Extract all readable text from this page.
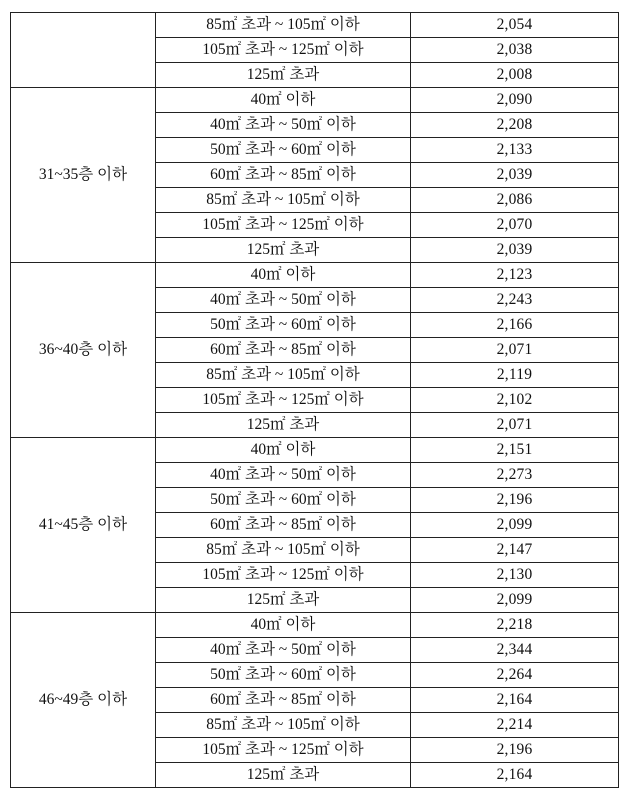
	85㎡ 초과 ~ 105㎡ 이하	2,054
	105㎡ 초과 ~ 125㎡ 이하	2,038
	125㎡ 초과	2,008
31~35층 이하	40㎡ 이하	2,090
	40㎡ 초과 ~ 50㎡ 이하	2,208
	50㎡ 초과 ~ 60㎡ 이하	2,133
	60㎡ 초과 ~ 85㎡ 이하	2,039
	85㎡ 초과 ~ 105㎡ 이하	2,086
	105㎡ 초과 ~ 125㎡ 이하	2,070
	125㎡ 초과	2,039
36~40층 이하	40㎡ 이하	2,123
	40㎡ 초과 ~ 50㎡ 이하	2,243
	50㎡ 초과 ~ 60㎡ 이하	2,166
	60㎡ 초과 ~ 85㎡ 이하	2,071
	85㎡ 초과 ~ 105㎡ 이하	2,119
	105㎡ 초과 ~ 125㎡ 이하	2,102
	125㎡ 초과	2,071
41~45층 이하	40㎡ 이하	2,151
	40㎡ 초과 ~ 50㎡ 이하	2,273
	50㎡ 초과 ~ 60㎡ 이하	2,196
	60㎡ 초과 ~ 85㎡ 이하	2,099
	85㎡ 초과 ~ 105㎡ 이하	2,147
	105㎡ 초과 ~ 125㎡ 이하	2,130
	125㎡ 초과	2,099
46~49층 이하	40㎡ 이하	2,218
	40㎡ 초과 ~ 50㎡ 이하	2,344
	50㎡ 초과 ~ 60㎡ 이하	2,264
	60㎡ 초과 ~ 85㎡ 이하	2,164
	85㎡ 초과 ~ 105㎡ 이하	2,214
	105㎡ 초과 ~ 125㎡ 이하	2,196
	125㎡ 초과	2,164
